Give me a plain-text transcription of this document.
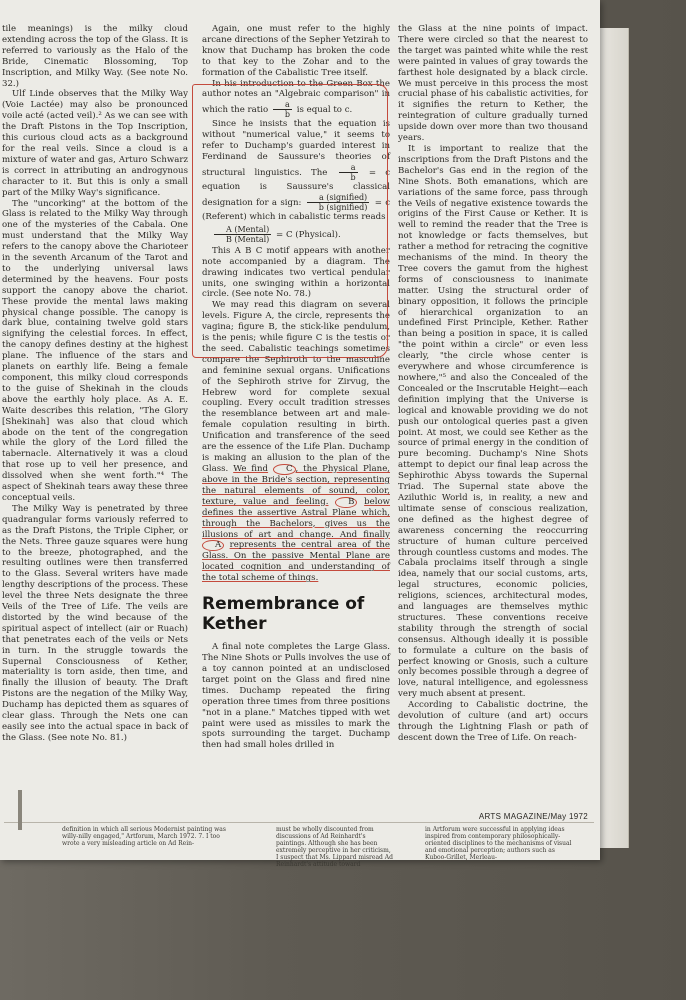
tile meanings) is the milky cloud extending across the top of the Glass. It is referred to variously as the Halo of the Bride, Cinematic Blossoming, Top Inscription, and Milky Way. (See note No. 32.)

Ulf Linde observes that the Milky Way (Voie Lactée) may also be pronounced voile acté (acted veil).² As we can see with the Draft Pistons in the Top Inscription, this curious cloud acts as a background for the real veils. Since a cloud is a mixture of water and gas, Arturo Schwarz is correct in attributing an androgynous character to it. But this is only a small part of the Milky Way's significance.

The "uncorking" at the bottom of the Glass is related to the Milky Way through one of the mysteries of the Cabala. One must understand that the Milky Way refers to the canopy above the Charioteer in the seventh Arcanum of the Tarot and to the underlying universal laws determined by the heavens. Four posts support the canopy above the chariot. These provide the mental laws making physical change possible. The canopy is dark blue, containing twelve gold stars signifying the celestial forces. In effect, the canopy defines destiny at the highest plane. The influence of the stars and planets on earthly life. Being a female component, this milky cloud corresponds to the guise of Shekinah in the clouds above the earthly holy place. As A. E. Waite describes this relation, "The Glory [Shekinah] was also that cloud which abode on the tent of the congregation while the glory of the Lord filled the tabernacle. Alternatively it was a cloud that rose up to veil her presence, and dissolved when she went forth."⁴ The aspect of Shekinah tears away these three conceptual veils.

The Milky Way is penetrated by three quadrangular forms variously referred to as the Draft Pistons, the Triple Cipher, or the Nets. Three gauze squares were hung to the breeze, photographed, and the resulting outlines were then transferred to the Glass. Several writers have made lengthy descriptions of the process. These level the three Nets designate the three Veils of the Tree of Life. The veils are distorted by the wind because of the spiritual aspect of intellect (air or Ruach) that penetrates each of the veils or Nets in turn. In the struggle towards the Supernal Consciousness of Kether, materiality is torn aside, then time, and finally the illusion of beauty. The Draft Pistons are the negation of the Milky Way, Duchamp has depicted them as squares of clear glass. Through the Nets one can easily see into the actual space in back of the Glass. (See note No. 81.)

Again, one must refer to the highly arcane directions of the Sepher Yetzirah to know that Duchamp has broken the code to that key to the Zohar and to the formation of the Cabalistic Tree itself.

In his introduction to the Green Box the author notes an "Algebraic comparison" in which the ratio $\frac{a}{b}$ is equal to c.

Since he insists that the equation is without "numerical value," it seems to refer to Duchamp's guarded interest in Ferdinand de Saussure's theories of structural linguistics. The $\frac{a}{b} = c$ equation is Saussure's classical designation for a sign: $\frac{\text{a (signified)}}{\text{b (signified)}} = c$ (Referent) which in cabalistic terms reads
$\frac{\text{A (Mental)}}{\text{B (Mental)}} = C$ (Physical).

This A B C motif appears with another note accompanied by a diagram. The drawing indicates two vertical pendular units, one swinging within a horizontal circle. (See note No. 78.)

We may read this diagram on several levels. Figure A, the circle, represents the vagina; figure B, the stick-like pendulum, is the penis; while figure C is the testis or the seed. Cabalistic teachings sometimes compare the Sephiroth to the masculine and feminine sexual organs. Unifications of the Sephiroth strive for Zirvug, the Hebrew word for complete sexual coupling. Every occult tradition stresses the resemblance between art and male-female copulation resulting in birth. Unification and transference of the seed are the essence of the Life Plan. Duchamp is making an allusion to the plan of the Glass. We find C , the Physical Plane, above in the Bride's section, representing the natural elements of sound, color, texture, value and feeling. B below defines the assertive Astral Plane which, through the Bachelors, gives us the illusions of art and change. And finally A represents the central area of the Glass. On the passive Mental Plane are located cognition and understanding of the total scheme of things.

Remembrance of Kether

A final note completes the Large Glass. The Nine Shots or Pulls involves the use of a toy cannon pointed at an undisclosed target point on the Glass and fired nine times. Duchamp repeated the firing operation three times from three positions "not in a plane." Matches tipped with wet paint were used as missiles to mark the spots surrounding the target. Duchamp then had small holes drilled in

the Glass at the nine points of impact. There were circled so that the nearest to the target was painted white while the rest were painted in values of gray towards the farthest hole designated by a black circle. We must perceive in this process the most crucial phase of his cabalistic activities, for it signifies the return to Kether, the reintegration of culture gradually turned upside down over more than two thousand years.

It is important to realize that the inscriptions from the Draft Pistons and the Bachelor's Gas end in the region of the Nine Shots. Both emanations, which are variations of the same force, pass through the Veils of negative existence towards the origins of the First Cause or Kether. It is well to remind the reader that the Tree is not knowledge or facts themselves, but rather a method for retracing the cognitive mechanisms of the mind. In theory the Tree covers the gamut from the highest forms of consciousness to inanimate matter. Using the structural order of binary opposition, it follows the principle of hierarchical organization to an undefined First Principle, Kether. Rather than being a position in space, it is called "the point within a circle" or even less clearly, "the circle whose center is everywhere and whose circumference is nowhere,"⁵ and also the Concealed of the Concealed or the Inscrutable Height—each definition implying that the Universe is logical and knowable providing we do not push our ontological queries past a given point. At most, we could see Kether as the source of primal energy in the condition of pure becoming. Duchamp's Nine Shots attempt to depict our final leap across the Sephirothic Abyss towards the Supernal Triad. The Supernal state above the Aziluthic World is, in reality, a new and ultimate sense of conscious realization, one defined as the highest degree of awareness concerning the reoccurring structure of human culture perceived through countless customs and modes. The Cabala proclaims itself through a single idea, namely that our social customs, arts, legal structures, economic policies, religions, sciences, architectural modes, and languages are themselves mythic structures. These conventions receive stability through the strength of social consensus. Although ideally it is possible to formulate a culture on the basis of perfect knowing or Gnosis, such a culture only becomes possible through a degree of love, natural intelligence, and egolessness very much absent at present.

According to Cabalistic doctrine, the devolution of culture (and art) occurs through the Lightning Flash or path of descent down the Tree of Life. On reach-

ARTS MAGAZINE/May 1972
definition in which all serious Modernist painting was willy-nilly engaged," Artforum, March 1972. 7. I too wrote a very misleading article on Ad Rein-
must be wholly discounted from discussions of Ad Reinhardt's paintings. Although she has been extremely perceptive in her criticism, I suspect that Ms. Lippard misread Ad Reinhardt's attitude toward
in Artforum were successful in applying ideas inspired from contemporary philosophically-oriented disciplines to the mechanisms of visual and emotional perception; authors such as Kuboo-Grillet, Merleau-
